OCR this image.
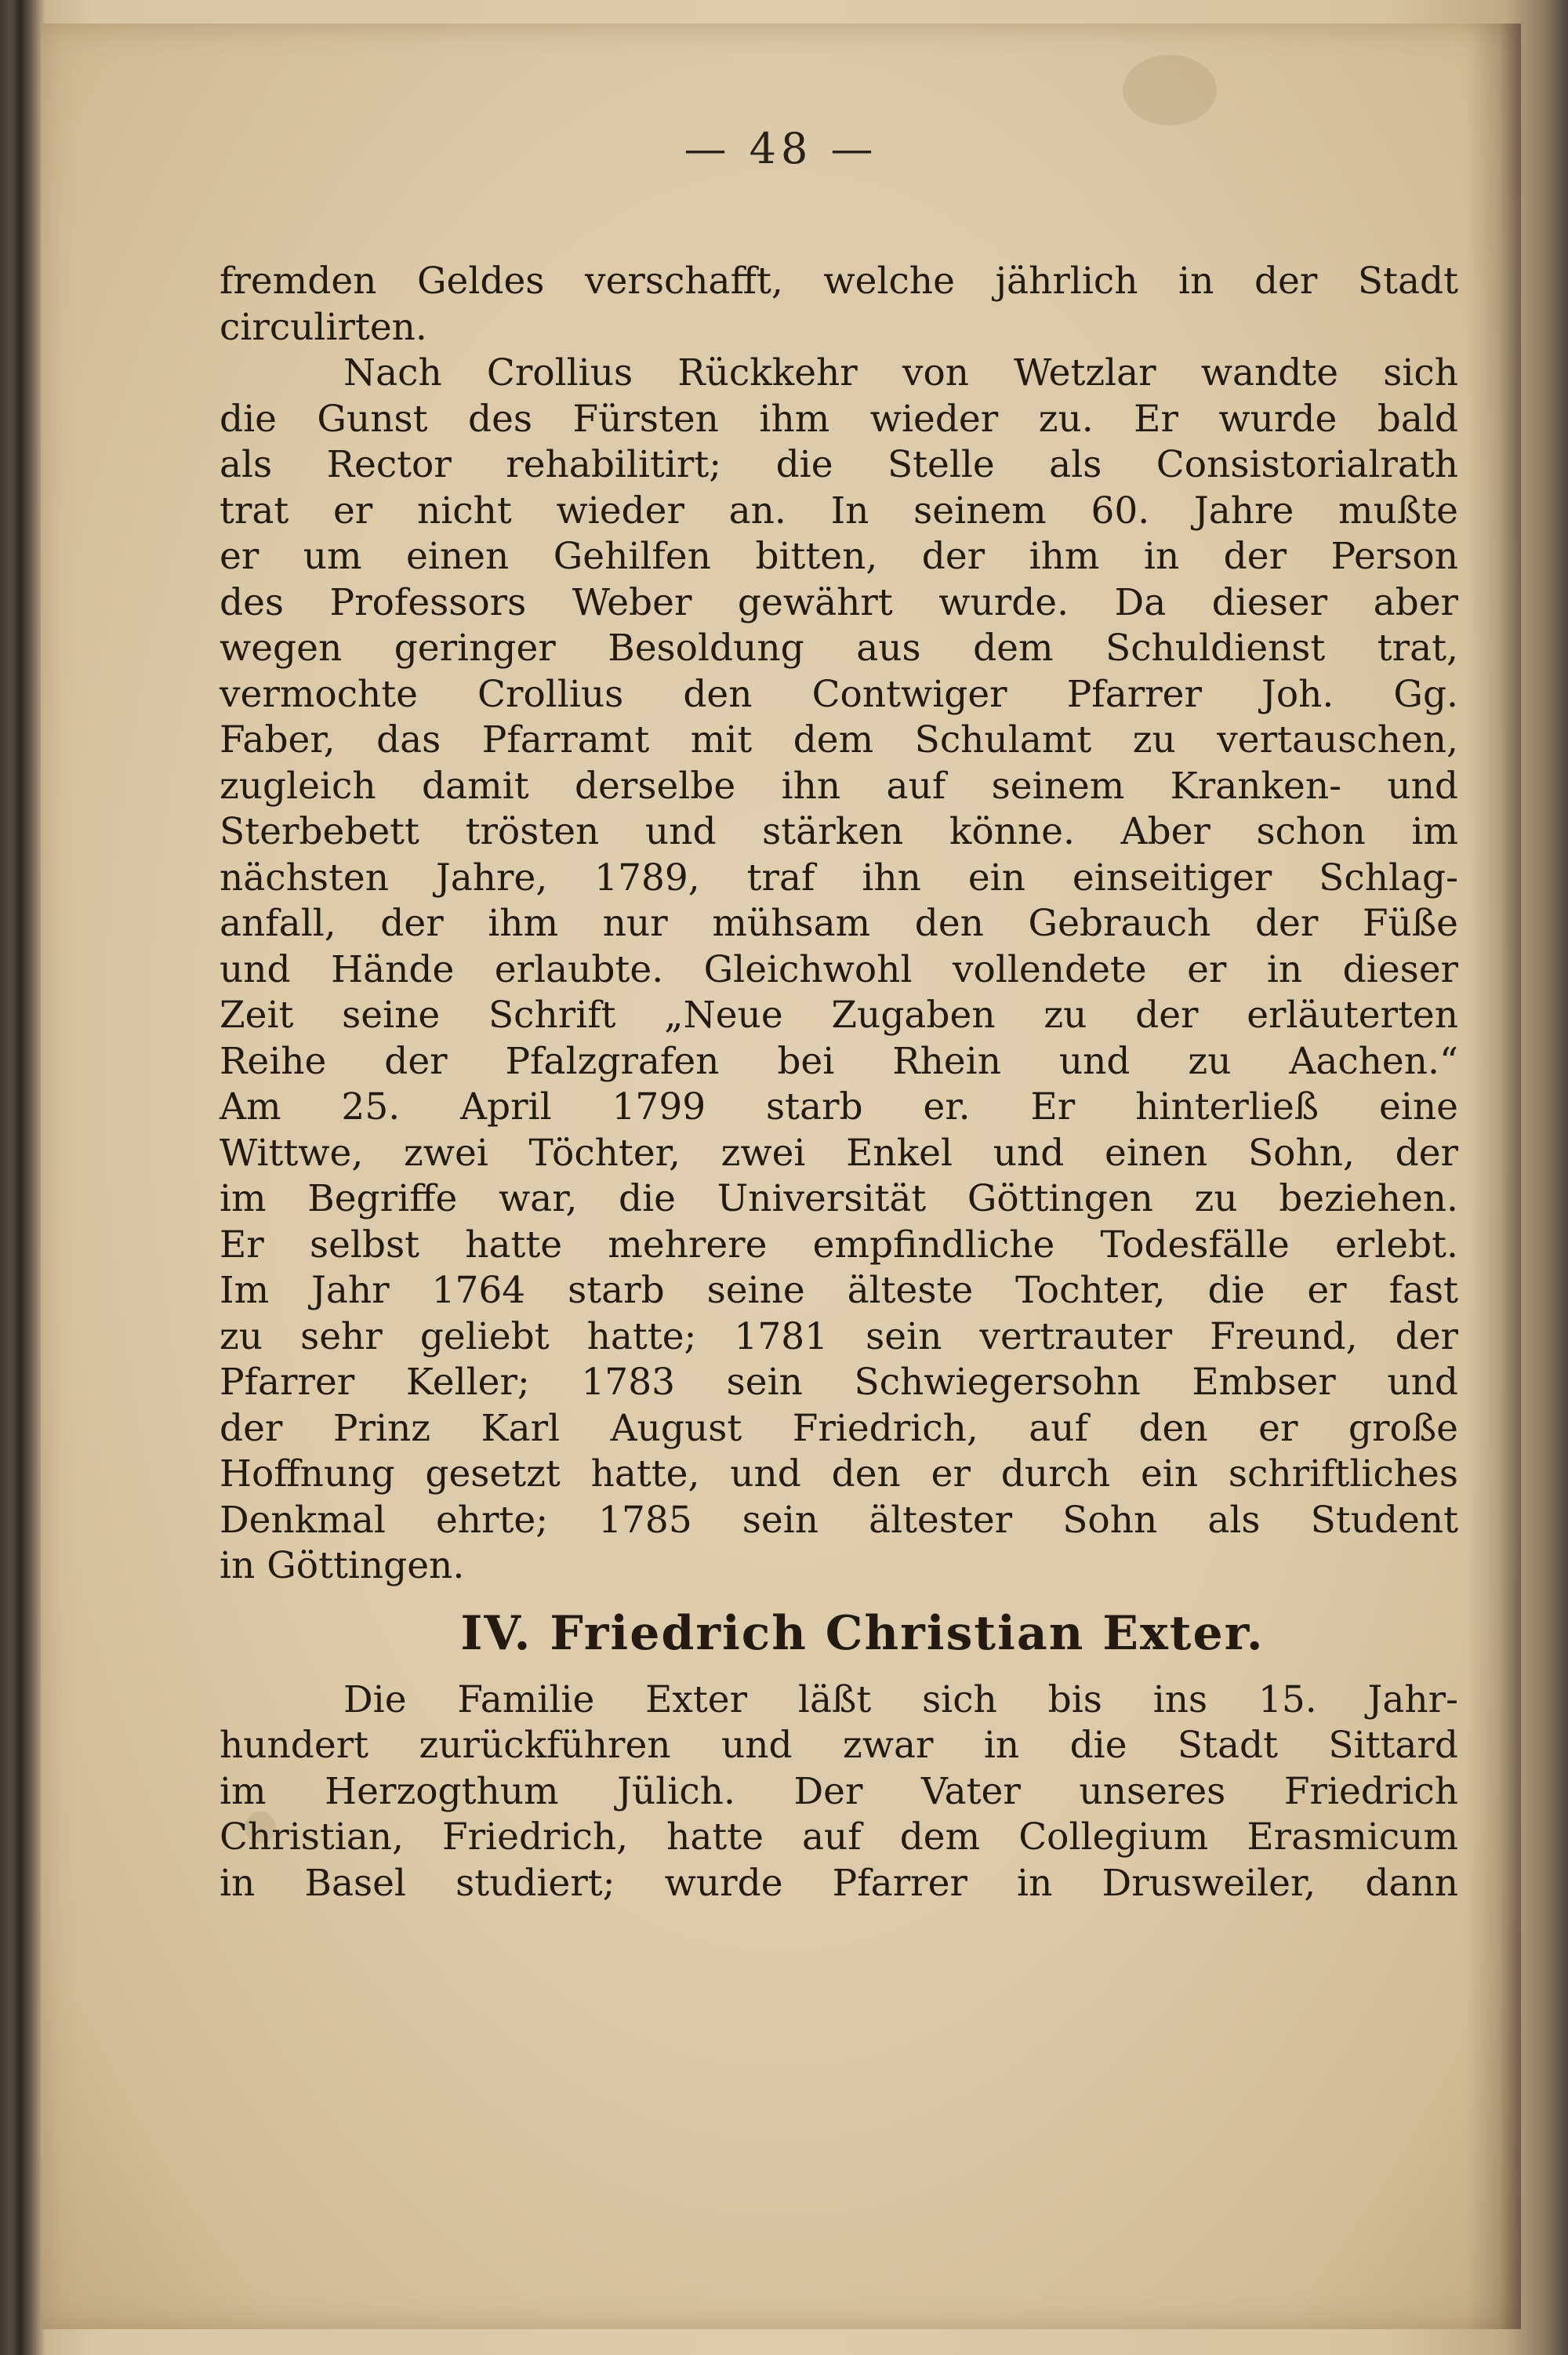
— 48 —
fremden Geldes verschafft, welche jährlich in der Stadt
circulirten.
Nach Crollius Rückkehr von Wetzlar wandte sich
die Gunst des Fürsten ihm wieder zu. Er wurde bald
als Rector rehabilitirt; die Stelle als Consistorialrath
trat er nicht wieder an. In seinem 60. Jahre mußte
er um einen Gehilfen bitten, der ihm in der Person
des Professors Weber gewährt wurde. Da dieser aber
wegen geringer Besoldung aus dem Schuldienst trat,
vermochte Crollius den Contwiger Pfarrer Joh. Gg.
Faber, das Pfarramt mit dem Schulamt zu vertauschen,
zugleich damit derselbe ihn auf seinem Kranken- und
Sterbebett trösten und stärken könne. Aber schon im
nächsten Jahre, 1789, traf ihn ein einseitiger Schlag-
anfall, der ihm nur mühsam den Gebrauch der Füße
und Hände erlaubte. Gleichwohl vollendete er in dieser
Zeit seine Schrift „Neue Zugaben zu der erläuterten
Reihe der Pfalzgrafen bei Rhein und zu Aachen.“
Am 25. April 1799 starb er. Er hinterließ eine
Wittwe, zwei Töchter, zwei Enkel und einen Sohn, der
im Begriffe war, die Universität Göttingen zu beziehen.
Er selbst hatte mehrere empfindliche Todesfälle erlebt.
Im Jahr 1764 starb seine älteste Tochter, die er fast
zu sehr geliebt hatte; 1781 sein vertrauter Freund, der
Pfarrer Keller; 1783 sein Schwiegersohn Embser und
der Prinz Karl August Friedrich, auf den er große
Hoffnung gesetzt hatte, und den er durch ein schriftliches
Denkmal ehrte; 1785 sein ältester Sohn als Student
in Göttingen.
IV. Friedrich Christian Exter.
Die Familie Exter läßt sich bis ins 15. Jahr-
hundert zurückführen und zwar in die Stadt Sittard
im Herzogthum Jülich. Der Vater unseres Friedrich
Christian, Friedrich, hatte auf dem Collegium Erasmicum
in Basel studiert; wurde Pfarrer in Drusweiler, dann
